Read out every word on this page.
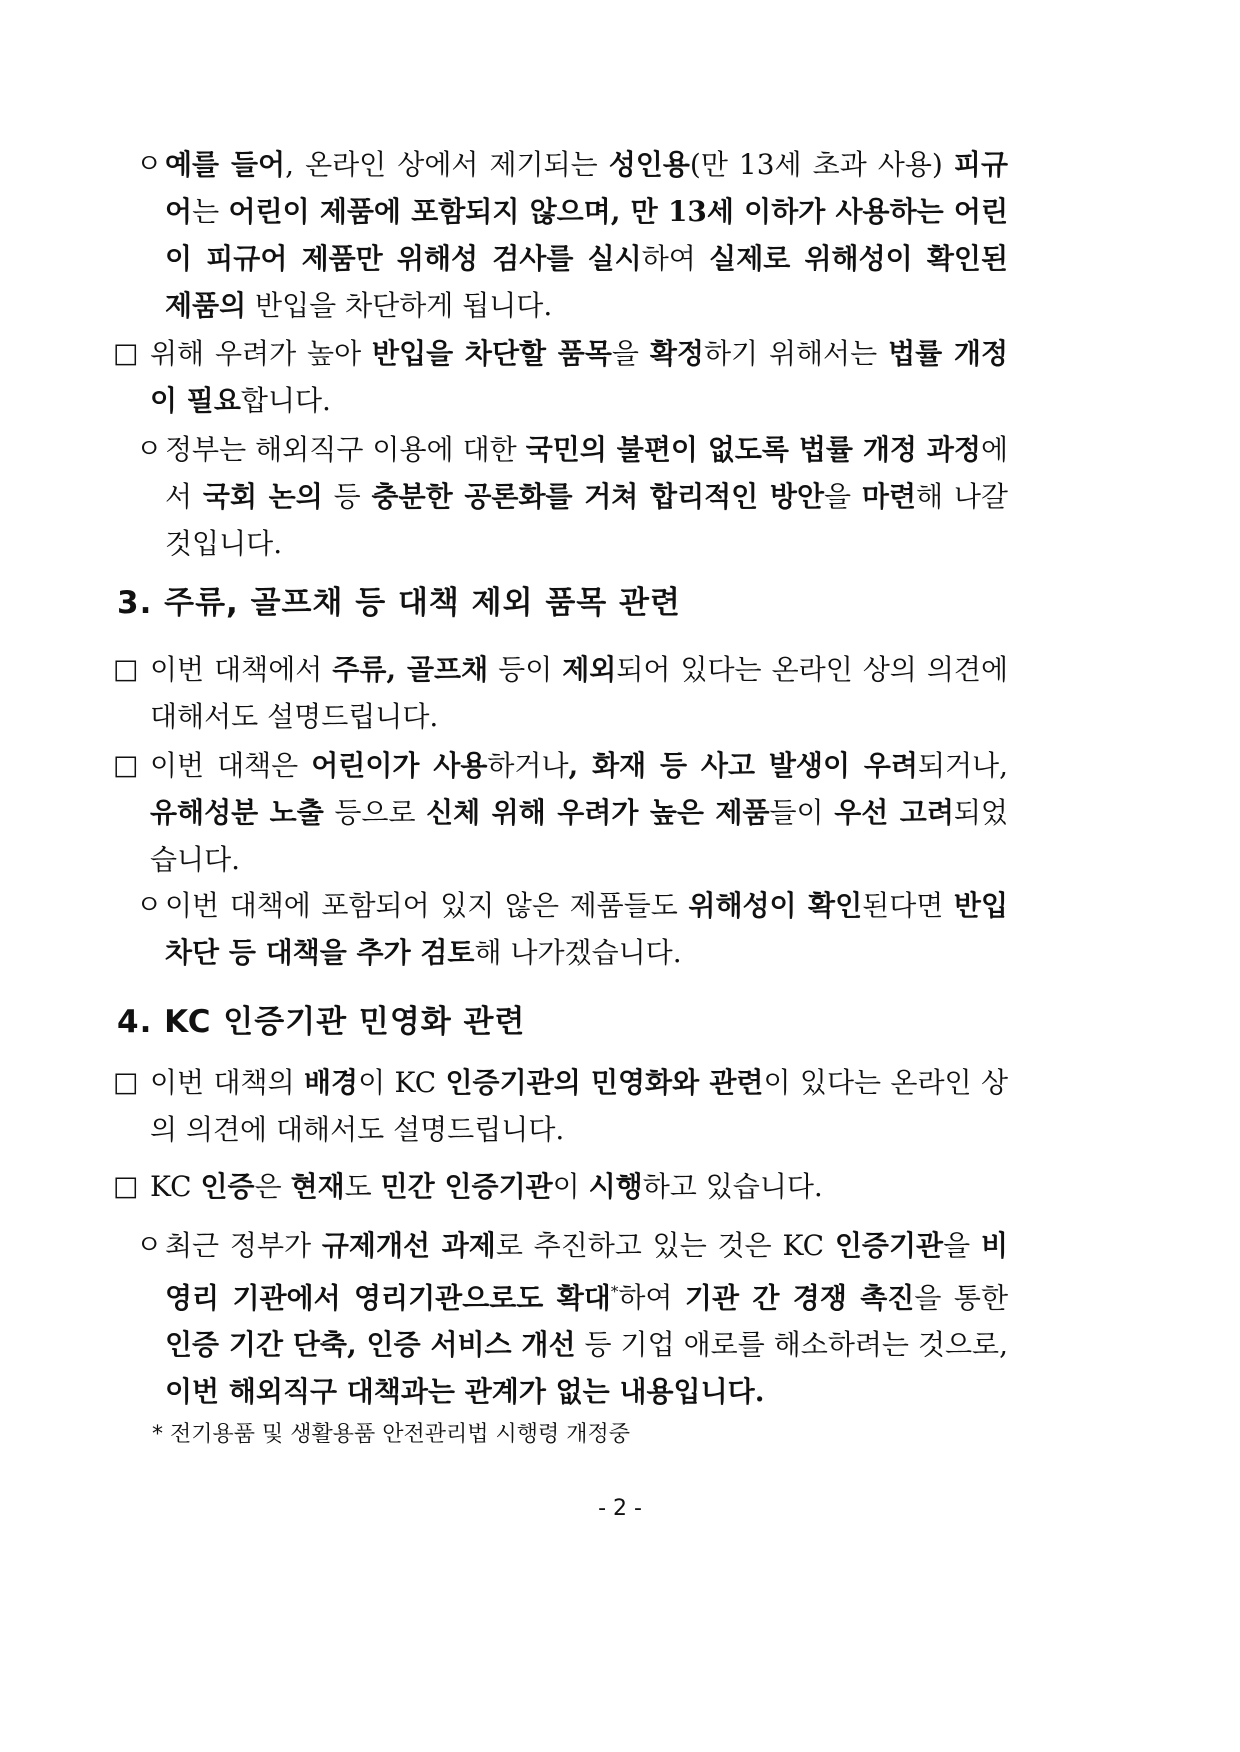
ㅇ 예를 들어, 온라인 상에서 제기되는 성인용(만 13세 초과 사용) 피규어는 어린이 제품에 포함되지 않으며, 만 13세 이하가 사용하는 어린이 피규어 제품만 위해성 검사를 실시하여 실제로 위해성이 확인된 제품의 반입을 차단하게 됩니다.
□ 위해 우려가 높아 반입을 차단할 품목을 확정하기 위해서는 법률 개정이 필요합니다.
ㅇ 정부는 해외직구 이용에 대한 국민의 불편이 없도록 법률 개정 과정에서 국회 논의 등 충분한 공론화를 거쳐 합리적인 방안을 마련해 나갈 것입니다.
3. 주류, 골프채 등 대책 제외 품목 관련
□ 이번 대책에서 주류, 골프채 등이 제외되어 있다는 온라인 상의 의견에 대해서도 설명드립니다.
□ 이번 대책은 어린이가 사용하거나, 화재 등 사고 발생이 우려되거나, 유해성분 노출 등으로 신체 위해 우려가 높은 제품들이 우선 고려되었습니다.
ㅇ 이번 대책에 포함되어 있지 않은 제품들도 위해성이 확인된다면 반입 차단 등 대책을 추가 검토해 나가겠습니다.
4. KC 인증기관 민영화 관련
□ 이번 대책의 배경이 KC 인증기관의 민영화와 관련이 있다는 온라인 상의 의견에 대해서도 설명드립니다.
□ KC 인증은 현재도 민간 인증기관이 시행하고 있습니다.
ㅇ 최근 정부가 규제개선 과제로 추진하고 있는 것은 KC 인증기관을 비영리 기관에서 영리기관으로도 확대*하여 기관 간 경쟁 촉진을 통한 인증 기간 단축, 인증 서비스 개선 등 기업 애로를 해소하려는 것으로, 이번 해외직구 대책과는 관계가 없는 내용입니다.
* 전기용품 및 생활용품 안전관리법 시행령 개정중
- 2 -
